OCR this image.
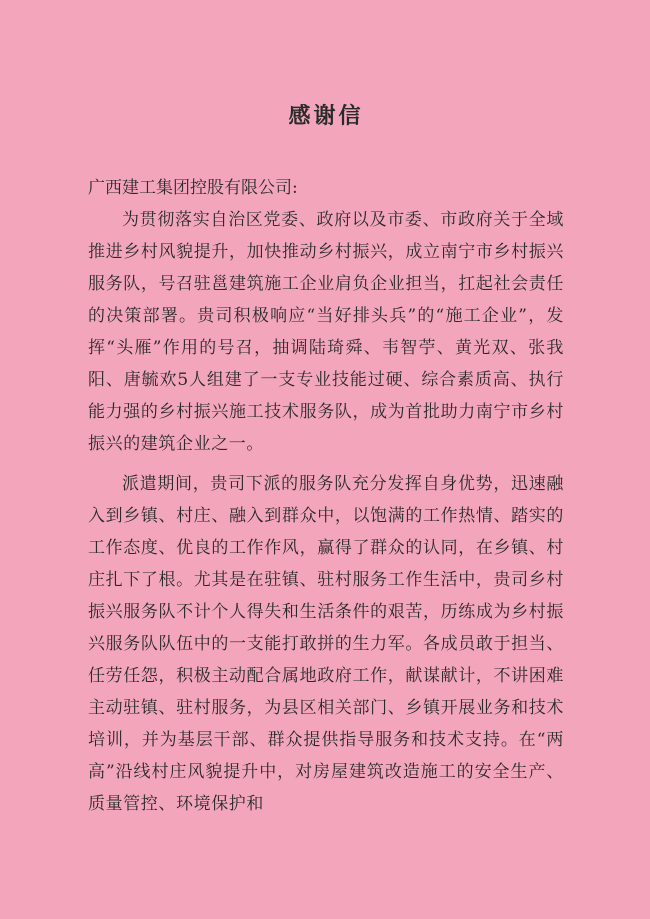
感谢信
广西建工集团控股有限公司:

为贯彻落实自治区党委、政府以及市委、市政府关于全域推进乡村风貌提升，加快推动乡村振兴，成立南宁市乡村振兴服务队，号召驻邕建筑施工企业肩负企业担当，扛起社会责任的决策部署。贵司积极响应“当好排头兵”的“施工企业”，发挥“头雁”作用的号召，抽调陆琦舜、韦智苧、黄光双、张我阳、唐毓欢5人组建了一支专业技能过硬、综合素质高、执行能力强的乡村振兴施工技术服务队，成为首批助力南宁市乡村振兴的建筑企业之一。

派遣期间，贵司下派的服务队充分发挥自身优势，迅速融入到乡镇、村庄、融入到群众中，以饱满的工作热情、踏实的工作态度、优良的工作作风，赢得了群众的认同，在乡镇、村庄扎下了根。尤其是在驻镇、驻村服务工作生活中，贵司乡村振兴服务队不计个人得失和生活条件的艰苦，历练成为乡村振兴服务队队伍中的一支能打敢拼的生力军。各成员敢于担当、任劳任怨，积极主动配合属地政府工作，献谋献计，不讲困难主动驻镇、驻村服务，为县区相关部门、乡镇开展业务和技术培训，并为基层干部、群众提供指导服务和技术支持。在“两高”沿线村庄风貌提升中，对房屋建筑改造施工的安全生产、质量管控、环境保护和
